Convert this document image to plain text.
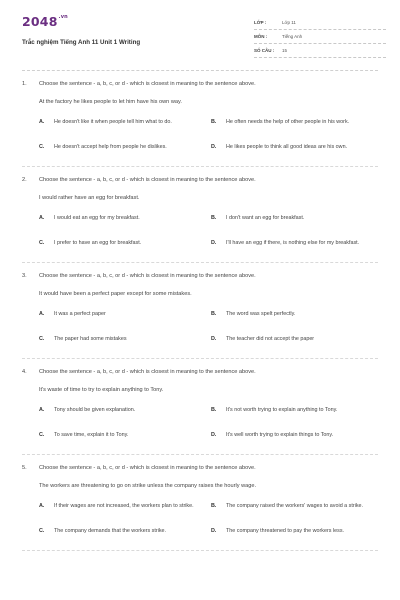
$2048^{.vn}$
Trắc nghiệm Tiếng Anh 11 Unit 1 Writing
LỚP :	Lớp 11
MÔN :	Tiếng Anh
SỐ CÂU :	15
1.	Choose the sentence - a, b, c, or d - which is closest in meaning to the sentence above.
At the factory he likes people to let him have his own way.
A.	He doesn't like it when people tell him what to do.	B.	He often needs the help of other people in his work.
C.	He doesn't accept help from people he dislikes.	D.	He likes people to think all good ideas are his own.
2.	Choose the sentence - a, b, c, or d - which is closest in meaning to the sentence above.
I would rather have an egg for breakfast.
A.	I would eat an egg for my breakfast.	B.	I don't want an egg for breakfast.
C.	I prefer to have an egg for breakfast.	D.	I'll have an egg if there, is nothing else for my breakfast.
3.	Choose the sentence - a, b, c, or d - which is closest in meaning to the sentence above.
It would have been a perfect paper except for some mistakes.
A.	It was a perfect paper	B.	The word was spelt perfectly.
C.	The paper had some mistakes	D.	The teacher did not accept the paper
4.	Choose the sentence - a, b, c, or d - which is closest in meaning to the sentence above.
It's waste of time to try to explain anything to Tony.
A.	Tony should be given explanation.	B.	It's not worth trying to explain anything to Tony.
C.	To save time, explain it to Tony.	D.	It's well worth trying to explain things to Tony.
5.	Choose the sentence - a, b, c, or d - which is closest in meaning to the sentence above.
The workers are threatening to go on strike unless the company raises the hourly wage.
A.	If their wages are not increased, the workers plan to strike.	B.	The company raised the workers' wages to avoid a strike.
C.	The company demands that the workers strike.	D.	The company threatened to pay the workers less.
